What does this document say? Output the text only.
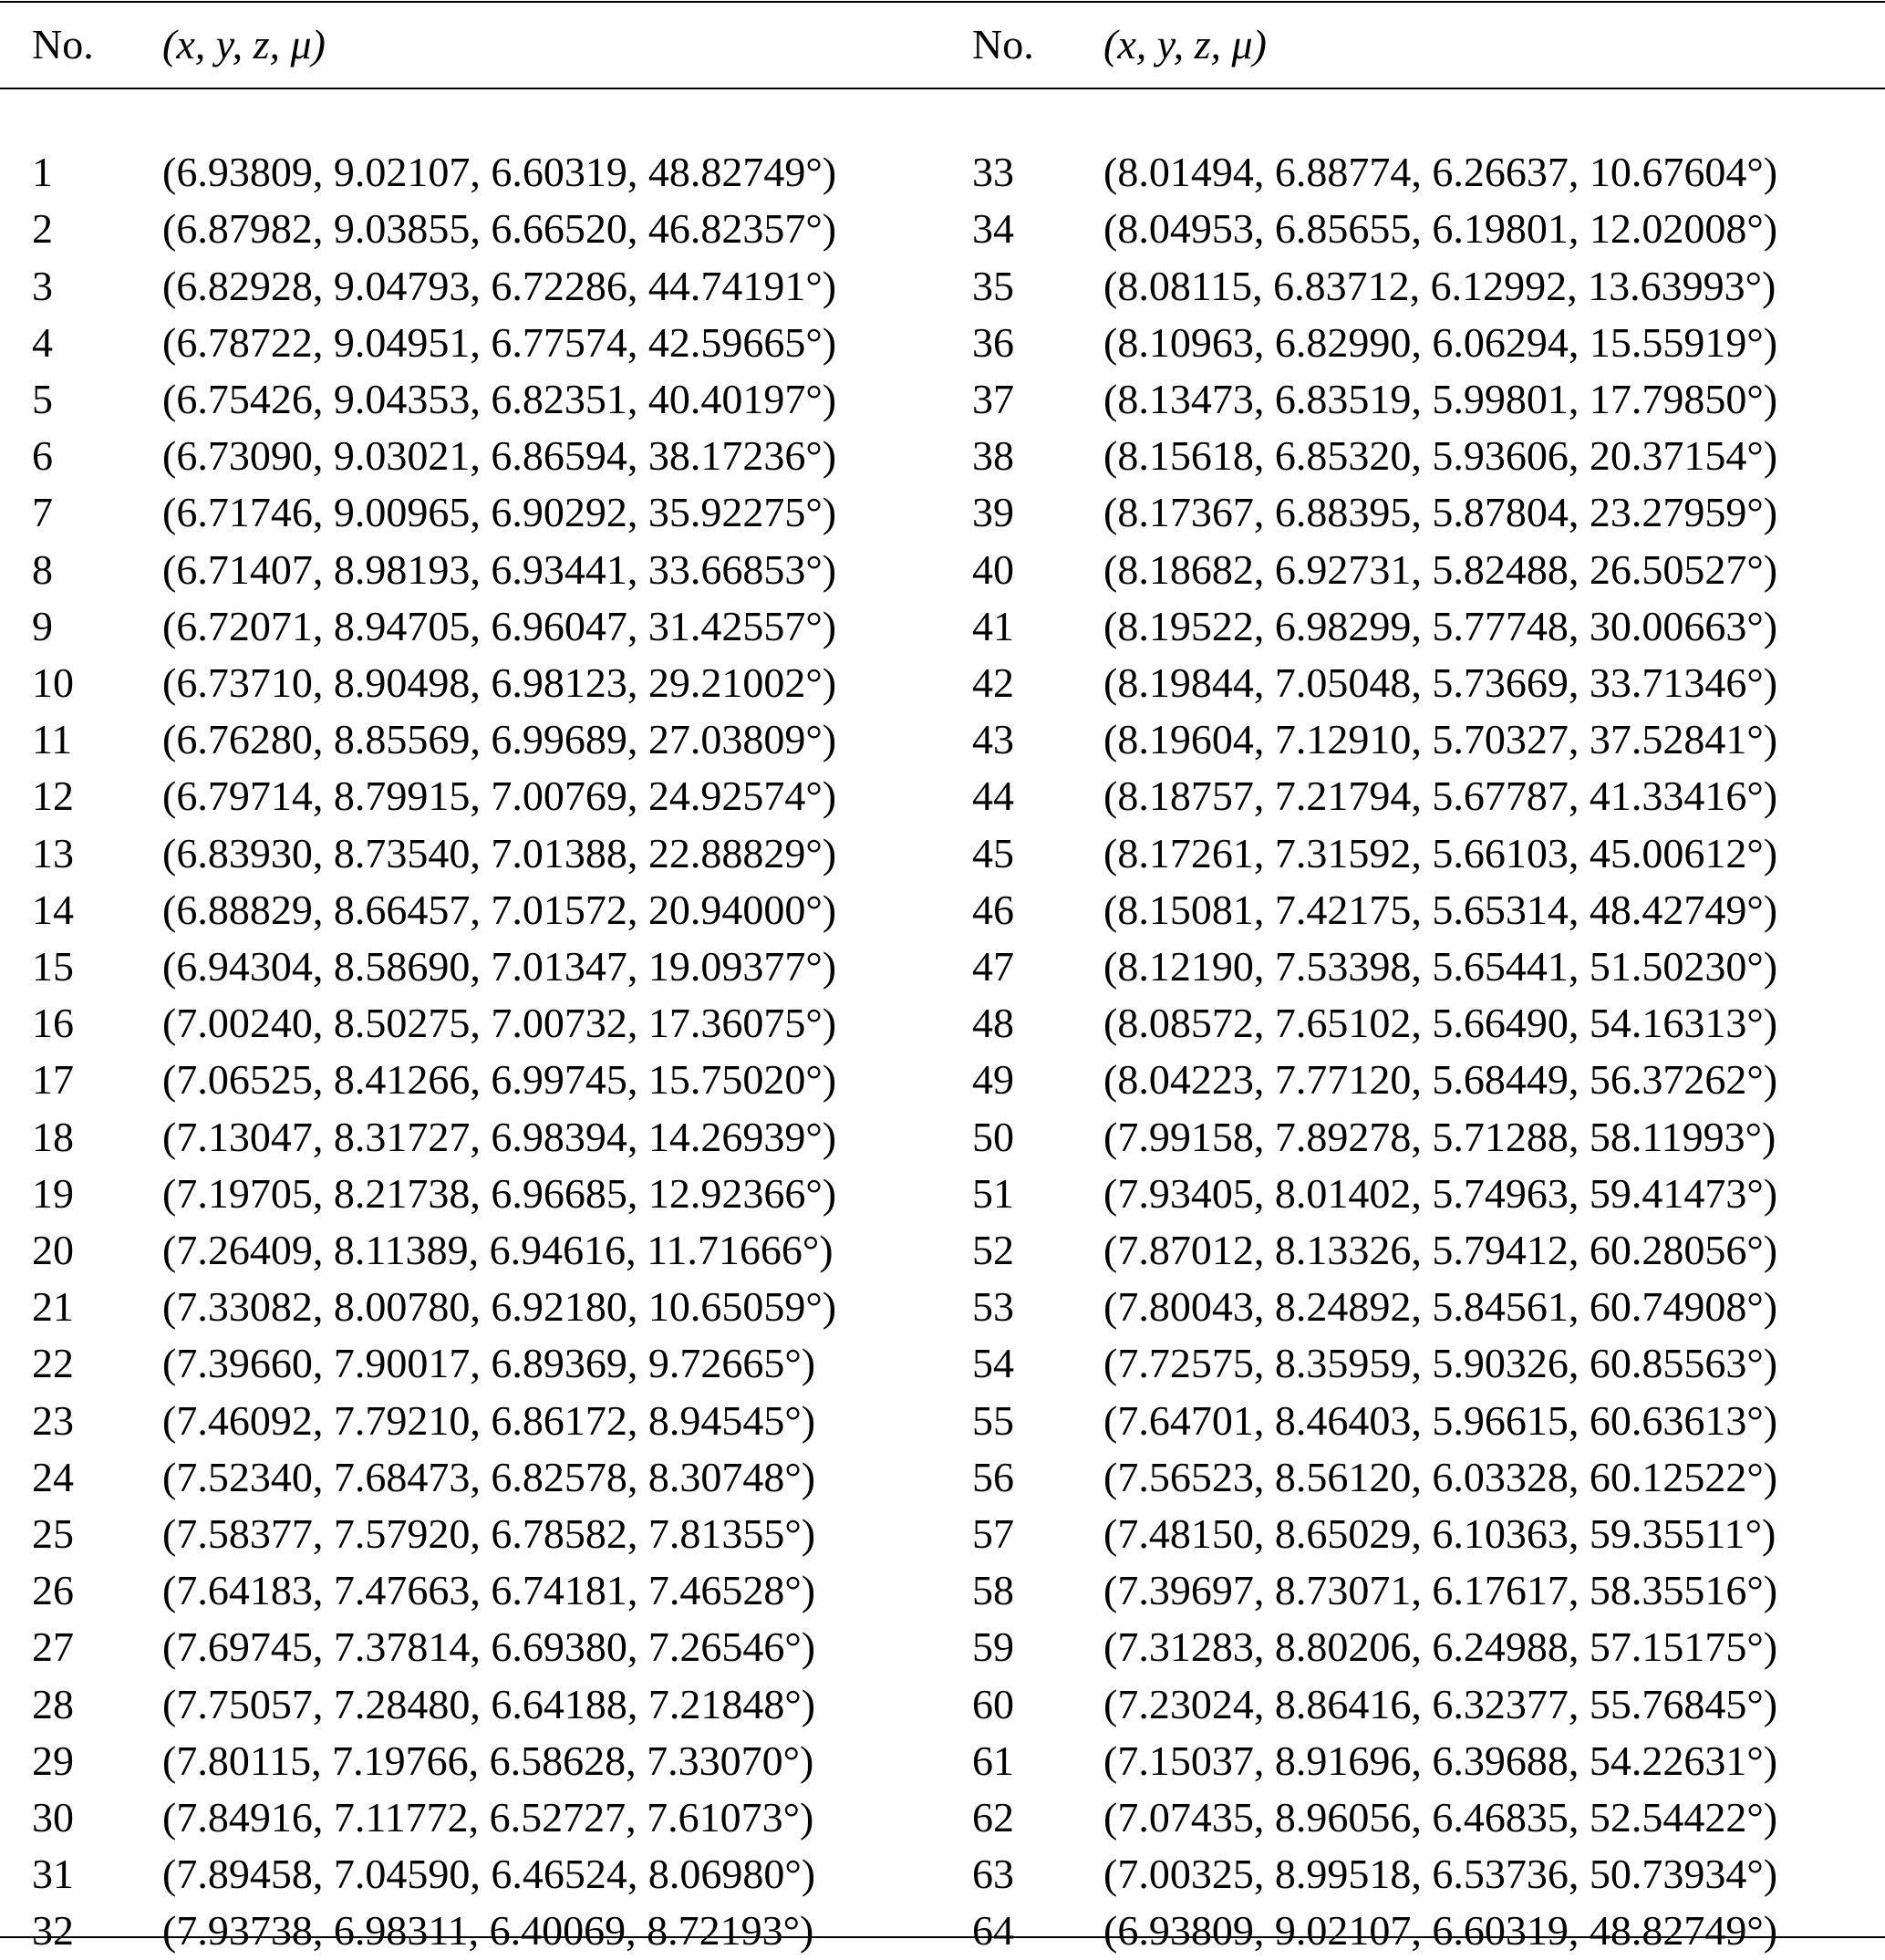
No.	(x, y, z, μ)	No.	(x, y, z, μ)

1	(6.93809, 9.02107, 6.60319, 48.82749°)	33	(8.01494, 6.88774, 6.26637, 10.67604°)
2	(6.87982, 9.03855, 6.66520, 46.82357°)	34	(8.04953, 6.85655, 6.19801, 12.02008°)
3	(6.82928, 9.04793, 6.72286, 44.74191°)	35	(8.08115, 6.83712, 6.12992, 13.63993°)
4	(6.78722, 9.04951, 6.77574, 42.59665°)	36	(8.10963, 6.82990, 6.06294, 15.55919°)
5	(6.75426, 9.04353, 6.82351, 40.40197°)	37	(8.13473, 6.83519, 5.99801, 17.79850°)
6	(6.73090, 9.03021, 6.86594, 38.17236°)	38	(8.15618, 6.85320, 5.93606, 20.37154°)
7	(6.71746, 9.00965, 6.90292, 35.92275°)	39	(8.17367, 6.88395, 5.87804, 23.27959°)
8	(6.71407, 8.98193, 6.93441, 33.66853°)	40	(8.18682, 6.92731, 5.82488, 26.50527°)
9	(6.72071, 8.94705, 6.96047, 31.42557°)	41	(8.19522, 6.98299, 5.77748, 30.00663°)
10	(6.73710, 8.90498, 6.98123, 29.21002°)	42	(8.19844, 7.05048, 5.73669, 33.71346°)
11	(6.76280, 8.85569, 6.99689, 27.03809°)	43	(8.19604, 7.12910, 5.70327, 37.52841°)
12	(6.79714, 8.79915, 7.00769, 24.92574°)	44	(8.18757, 7.21794, 5.67787, 41.33416°)
13	(6.83930, 8.73540, 7.01388, 22.88829°)	45	(8.17261, 7.31592, 5.66103, 45.00612°)
14	(6.88829, 8.66457, 7.01572, 20.94000°)	46	(8.15081, 7.42175, 5.65314, 48.42749°)
15	(6.94304, 8.58690, 7.01347, 19.09377°)	47	(8.12190, 7.53398, 5.65441, 51.50230°)
16	(7.00240, 8.50275, 7.00732, 17.36075°)	48	(8.08572, 7.65102, 5.66490, 54.16313°)
17	(7.06525, 8.41266, 6.99745, 15.75020°)	49	(8.04223, 7.77120, 5.68449, 56.37262°)
18	(7.13047, 8.31727, 6.98394, 14.26939°)	50	(7.99158, 7.89278, 5.71288, 58.11993°)
19	(7.19705, 8.21738, 6.96685, 12.92366°)	51	(7.93405, 8.01402, 5.74963, 59.41473°)
20	(7.26409, 8.11389, 6.94616, 11.71666°)	52	(7.87012, 8.13326, 5.79412, 60.28056°)
21	(7.33082, 8.00780, 6.92180, 10.65059°)	53	(7.80043, 8.24892, 5.84561, 60.74908°)
22	(7.39660, 7.90017, 6.89369, 9.72665°)	54	(7.72575, 8.35959, 5.90326, 60.85563°)
23	(7.46092, 7.79210, 6.86172, 8.94545°)	55	(7.64701, 8.46403, 5.96615, 60.63613°)
24	(7.52340, 7.68473, 6.82578, 8.30748°)	56	(7.56523, 8.56120, 6.03328, 60.12522°)
25	(7.58377, 7.57920, 6.78582, 7.81355°)	57	(7.48150, 8.65029, 6.10363, 59.35511°)
26	(7.64183, 7.47663, 6.74181, 7.46528°)	58	(7.39697, 8.73071, 6.17617, 58.35516°)
27	(7.69745, 7.37814, 6.69380, 7.26546°)	59	(7.31283, 8.80206, 6.24988, 57.15175°)
28	(7.75057, 7.28480, 6.64188, 7.21848°)	60	(7.23024, 8.86416, 6.32377, 55.76845°)
29	(7.80115, 7.19766, 6.58628, 7.33070°)	61	(7.15037, 8.91696, 6.39688, 54.22631°)
30	(7.84916, 7.11772, 6.52727, 7.61073°)	62	(7.07435, 8.96056, 6.46835, 52.54422°)
31	(7.89458, 7.04590, 6.46524, 8.06980°)	63	(7.00325, 8.99518, 6.53736, 50.73934°)
32	(7.93738, 6.98311, 6.40069, 8.72193°)	64	(6.93809, 9.02107, 6.60319, 48.82749°)
